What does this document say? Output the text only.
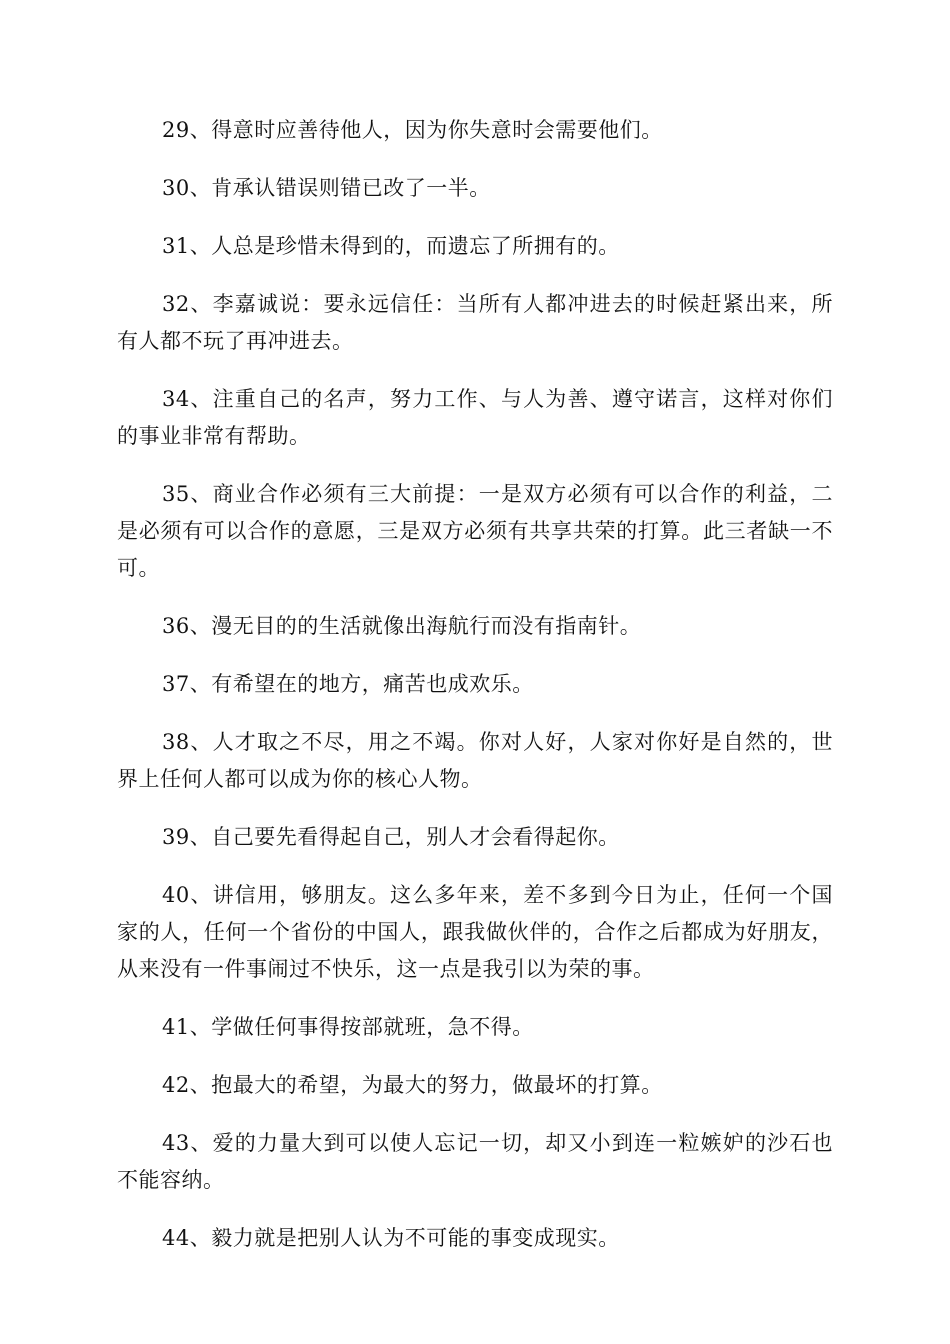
29、得意时应善待他人，因为你失意时会需要他们。

30、肯承认错误则错已改了一半。

31、人总是珍惜未得到的，而遗忘了所拥有的。

32、李嘉诚说：要永远信任：当所有人都冲进去的时候赶紧出来，所有人都不玩了再冲进去。

34、注重自己的名声，努力工作、与人为善、遵守诺言，这样对你们的事业非常有帮助。

35、商业合作必须有三大前提：一是双方必须有可以合作的利益，二是必须有可以合作的意愿，三是双方必须有共享共荣的打算。此三者缺一不可。

36、漫无目的的生活就像出海航行而没有指南针。

37、有希望在的地方，痛苦也成欢乐。

38、人才取之不尽，用之不竭。你对人好，人家对你好是自然的，世界上任何人都可以成为你的核心人物。

39、自己要先看得起自己，别人才会看得起你。

40、讲信用，够朋友。这么多年来，差不多到今日为止，任何一个国家的人，任何一个省份的中国人，跟我做伙伴的，合作之后都成为好朋友，从来没有一件事闹过不快乐，这一点是我引以为荣的事。

41、学做任何事得按部就班，急不得。

42、抱最大的希望，为最大的努力，做最坏的打算。

43、爱的力量大到可以使人忘记一切，却又小到连一粒嫉妒的沙石也不能容纳。

44、毅力就是把别人认为不可能的事变成现实。
